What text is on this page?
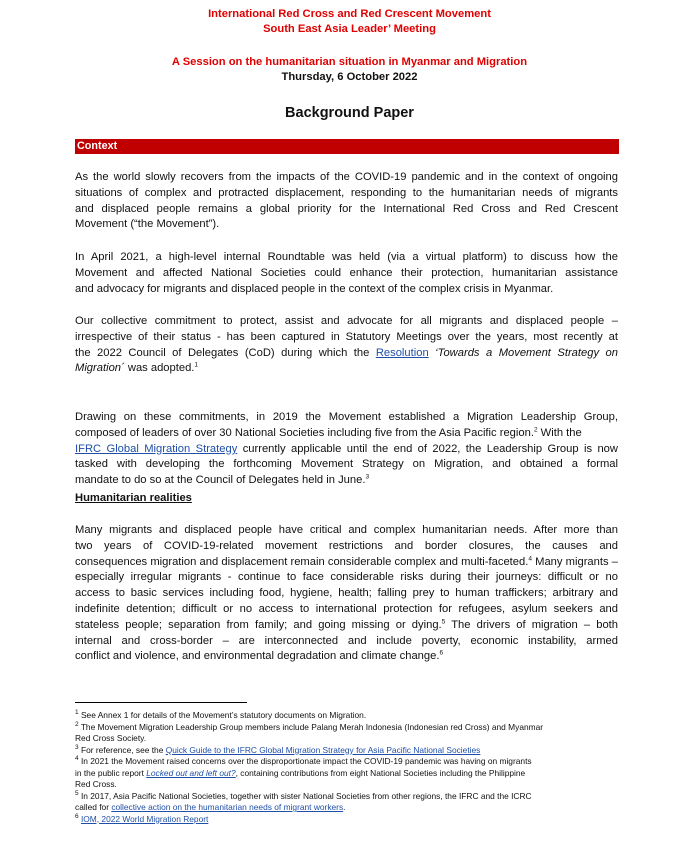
International Red Cross and Red Crescent Movement
South East Asia Leader’ Meeting
A Session on the humanitarian situation in Myanmar and Migration
Thursday, 6 October 2022
Background Paper
Context
As the world slowly recovers from the impacts of the COVID-19 pandemic and in the context of ongoing
situations of complex and protracted displacement, responding to the humanitarian needs of migrants
and displaced people remains a global priority for the International Red Cross and Red Crescent
Movement (“the Movement”).
In April 2021, a high-level internal Roundtable was held (via a virtual platform) to discuss how the
Movement and affected National Societies could enhance their protection, humanitarian assistance
and advocacy for migrants and displaced people in the context of the complex crisis in Myanmar.
Our collective commitment to protect, assist and advocate for all migrants and displaced people –
irrespective of their status - has been captured in Statutory Meetings over the years, most recently at
the 2022 Council of Delegates (CoD) during which the Resolution ‘Towards a Movement Strategy on
Migration´ was adopted.$^1$
Drawing on these commitments, in 2019 the Movement established a Migration Leadership Group,
composed of leaders of over 30 National Societies including five from the Asia Pacific region.$^2$ With the
IFRC Global Migration Strategy currently applicable until the end of 2022, the Leadership Group is now
tasked with developing the forthcoming Movement Strategy on Migration, and obtained a formal
mandate to do so at the Council of Delegates held in June.$^3$
Humanitarian realities
Many migrants and displaced people have critical and complex humanitarian needs. After more than
two years of COVID-19-related movement restrictions and border closures, the causes and
consequences migration and displacement remain considerable complex and multi-faceted.$^4$ Many migrants –
especially irregular migrants - continue to face considerable risks during their journeys: difficult or no
access to basic services including food, hygiene, health; falling prey to human traffickers; arbitrary and
indefinite detention; difficult or no access to international protection for refugees, asylum seekers and
stateless people; separation from family; and going missing or dying.$^5$ The drivers of migration – both
internal and cross-border – are interconnected and include poverty, economic instability, armed
conflict and violence, and environmental degradation and climate change.$^6$
$^1$ See Annex 1 for details of the Movement’s statutory documents on Migration.
$^2$ The Movement Migration Leadership Group members include Palang Merah Indonesia (Indonesian red Cross) and Myanmar
Red Cross Society.
$^3$ For reference, see the Quick Guide to the IFRC Global Migration Strategy for Asia Pacific National Societies
$^4$ In 2021 the Movement raised concerns over the disproportionate impact the COVID-19 pandemic was having on migrants
in the public report Locked out and left out?, containing contributions from eight National Societies including the Philippine
Red Cross.
$^5$ In 2017, Asia Pacific National Societies, together with sister National Societies from other regions, the IFRC and the ICRC
called for collective action on the humanitarian needs of migrant workers.
$^6$ IOM, 2022 World Migration Report
